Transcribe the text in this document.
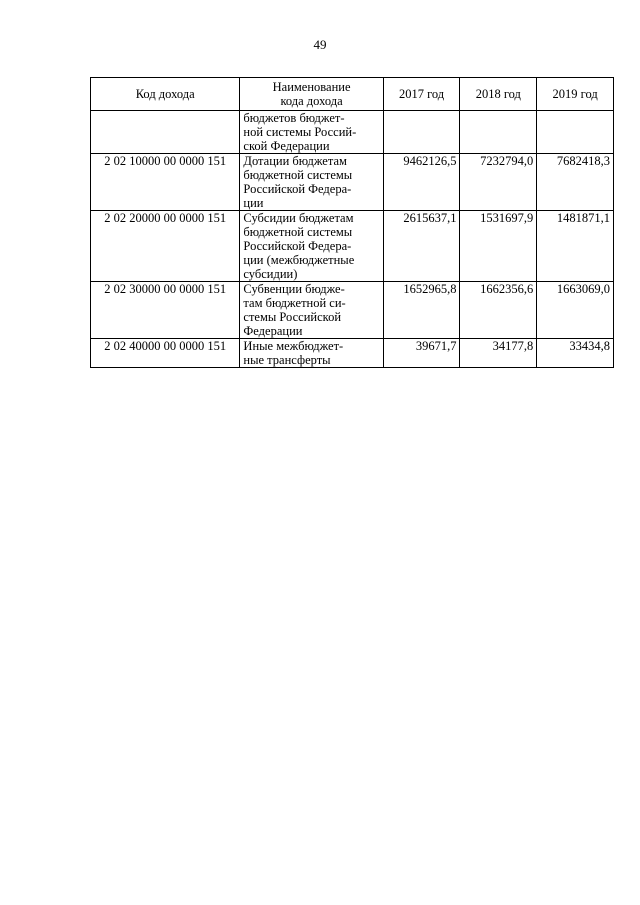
49
Код дохода	Наименование
кода дохода	2017 год	2018 год	2019 год
	бюджетов бюджет-
ной системы Россий-
ской Федерации			
2 02 10000 00 0000 151	Дотации бюджетам
бюджетной системы
Российской Федера-
ции	9462126,5	7232794,0	7682418,3
2 02 20000 00 0000 151	Субсидии бюджетам
бюджетной системы
Российской Федера-
ции (межбюджетные
субсидии)	2615637,1	1531697,9	1481871,1
2 02 30000 00 0000 151	Субвенции бюдже-
там бюджетной си-
стемы Российской
Федерации	1652965,8	1662356,6	1663069,0
2 02 40000 00 0000 151	Иные межбюджет-
ные трансферты	39671,7	34177,8	33434,8
